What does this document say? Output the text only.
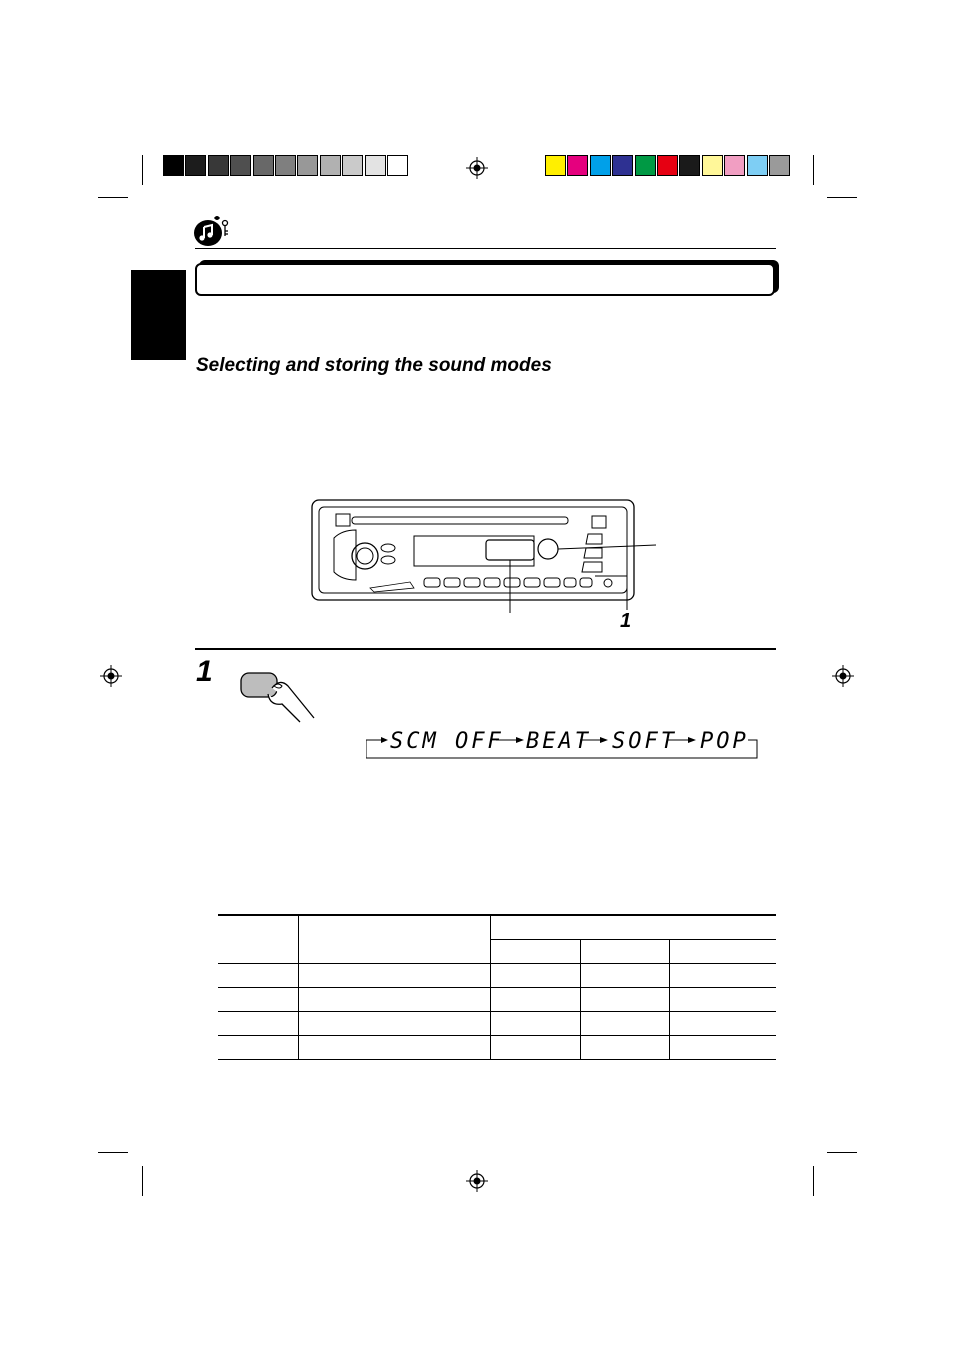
Selecting and storing the sound modes
1
1
SCM OFF BEAT SOFT POP
